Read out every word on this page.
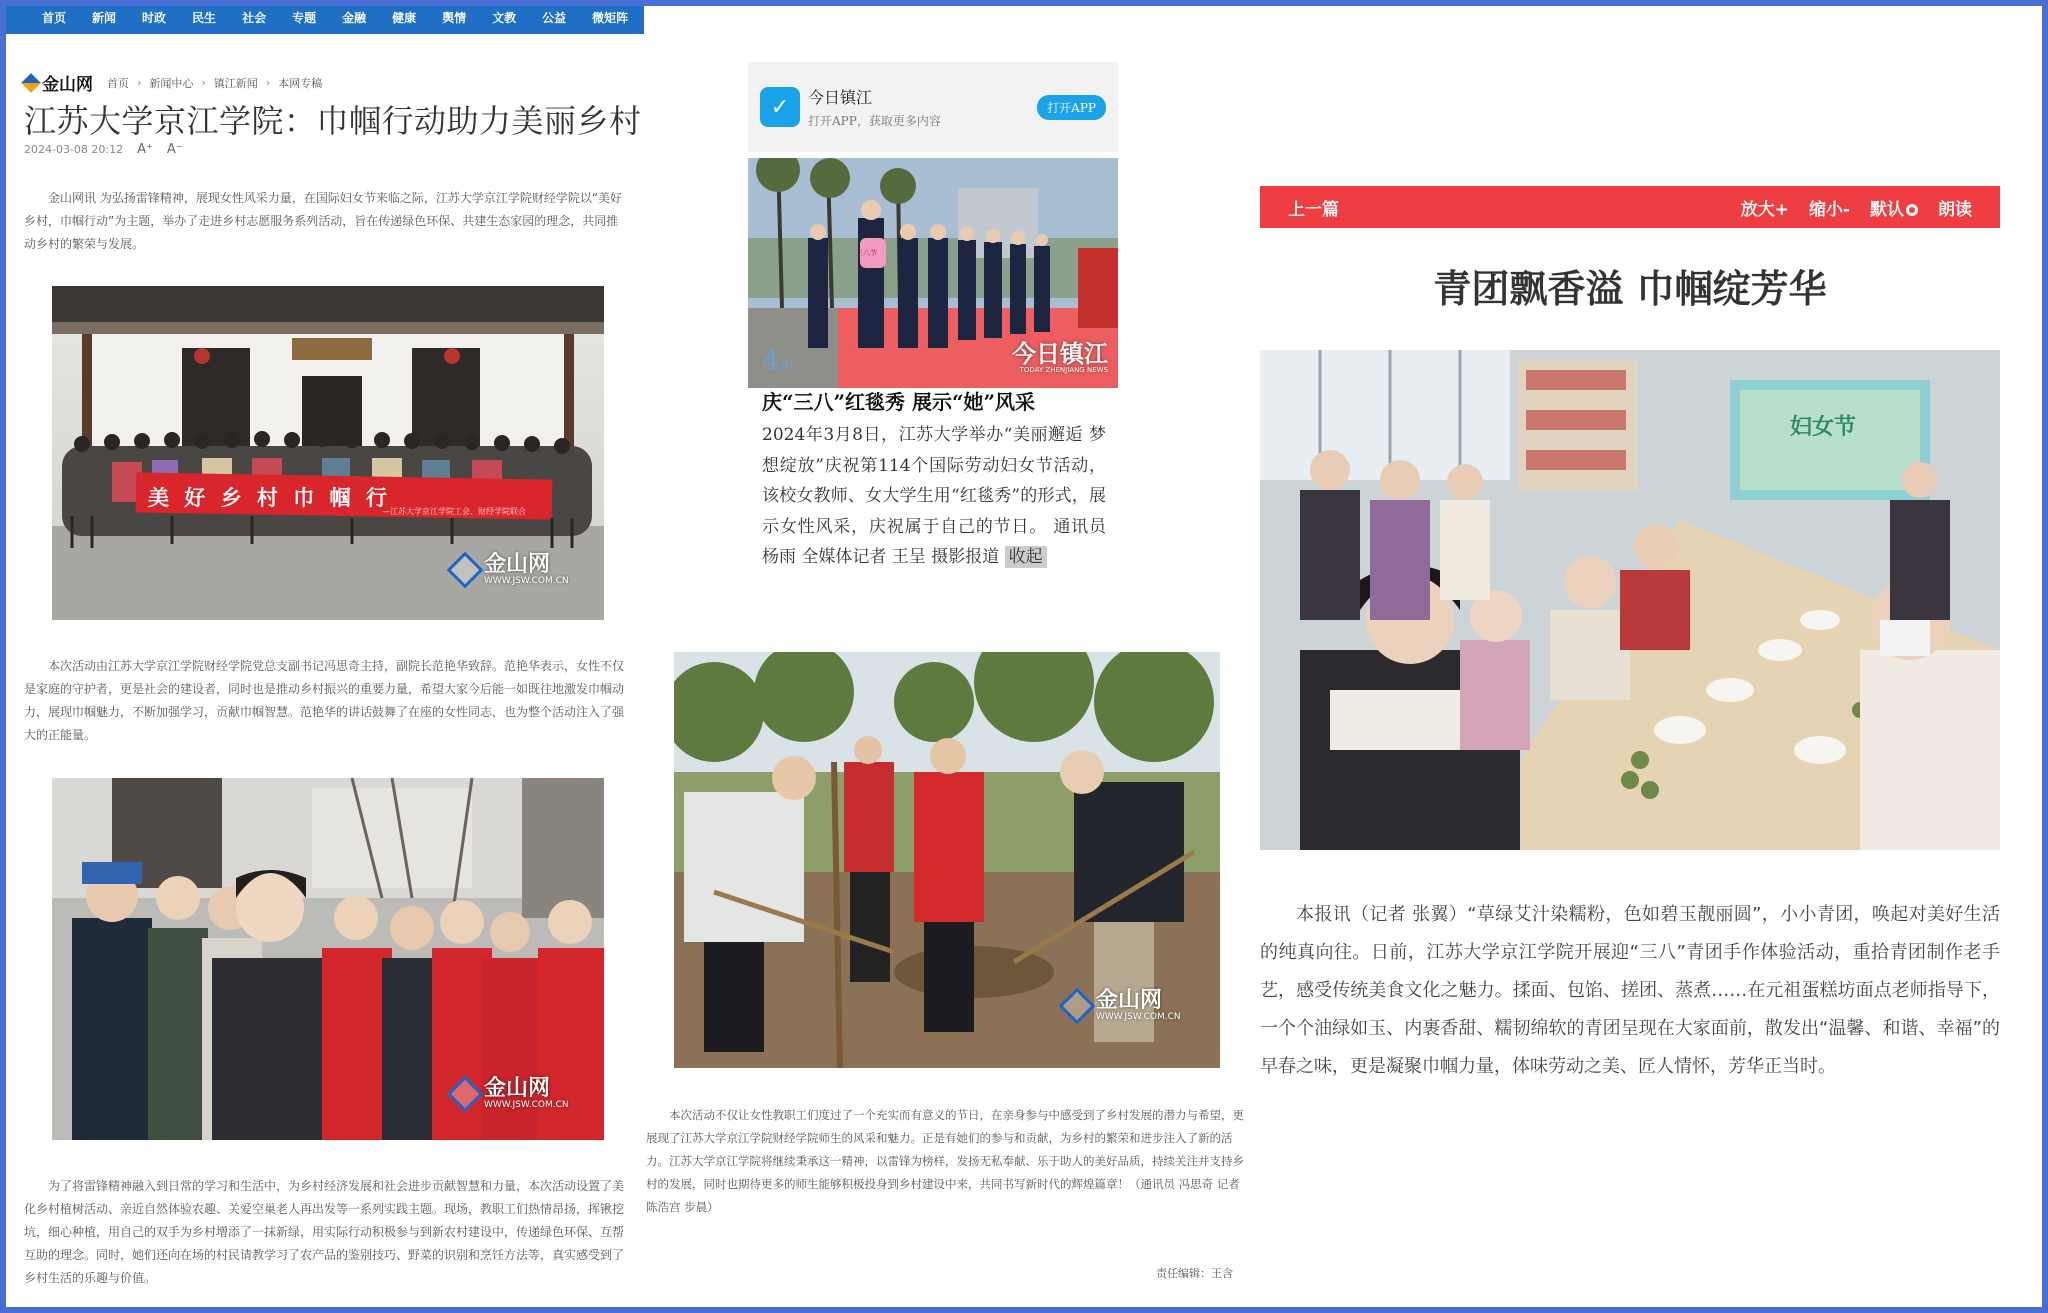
首页 新闻 时政 民生 社会 专题 金融 健康 舆情 文教 公益 微矩阵
金山网 首页 › 新闻中心 › 镇江新闻 › 本网专稿
江苏大学京江学院：巾帼行动助力美丽乡村
2024-03-08 20:12 A⁺ A⁻
金山网讯 为弘扬雷锋精神，展现女性风采力量，在国际妇女节来临之际，江苏大学京江学院财经学院以“美好乡村，巾帼行动”为主题，举办了走进乡村志愿服务系列活动，旨在传递绿色环保、共建生态家园的理念，共同推动乡村的繁荣与发展。
美 好 乡 村 巾 帼 行
—江苏大学京江学院工会、财经学院联合
金山网
WWW.JSW.COM.CN
本次活动由江苏大学京江学院财经学院党总支副书记冯思奇主持，副院长范艳华致辞。范艳华表示，女性不仅是家庭的守护者，更是社会的建设者，同时也是推动乡村振兴的重要力量，希望大家今后能一如既往地激发巾帼动力，展现巾帼魅力，不断加强学习，贡献巾帼智慧。范艳华的讲话鼓舞了在座的女性同志，也为整个活动注入了强大的正能量。
金山网
WWW.JSW.COM.CN
为了将雷锋精神融入到日常的学习和生活中，为乡村经济发展和社会进步贡献智慧和力量，本次活动设置了美化乡村植树活动、亲近自然体验农趣、关爱空巢老人再出发等一系列实践主题。现场，教职工们热情昂扬，挥锹挖坑，细心种植，用自己的双手为乡村增添了一抹新绿，用实际行动积极参与到新农村建设中，传递绿色环保、互帮互助的理念。同时，她们还向在场的村民请教学习了农产品的鉴别技巧、野菜的识别和烹饪方法等，真实感受到了乡村生活的乐趣与价值。
✓	今日镇江
打开APP，获取更多内容
打开APP
三八节
4/6	今日镇江
TODAY ZHENJIANG NEWS
庆“三八”红毯秀 展示“她”风采
2024年3月8日，江苏大学举办“美丽邂逅 梦想绽放”庆祝第114个国际劳动妇女节活动，该校女教师、女大学生用“红毯秀”的形式，展示女性风采，庆祝属于自己的节日。 通讯员 杨雨 全媒体记者 王呈 摄影报道 收起
金山网
WWW.JSW.COM.CN
本次活动不仅让女性教职工们度过了一个充实而有意义的节日，在亲身参与中感受到了乡村发展的潜力与希望，更展现了江苏大学京江学院财经学院师生的风采和魅力。正是有她们的参与和贡献，为乡村的繁荣和进步注入了新的活力。江苏大学京江学院将继续秉承这一精神，以雷锋为榜样，发扬无私奉献、乐于助人的美好品质，持续关注并支持乡村的发展，同时也期待更多的师生能够积极投身到乡村建设中来，共同书写新时代的辉煌篇章！（通讯员 冯思奇 记者 陈浩宫 步晨）
责任编辑：王含
上一篇	放大+ 缩小- 默认	朗读
青团飘香溢 巾帼绽芳华
妇女节
本报讯（记者 张翼）“草绿艾汁染糯粉，色如碧玉靓丽圆”，小小青团，唤起对美好生活的纯真向往。日前，江苏大学京江学院开展迎“三八”青团手作体验活动，重拾青团制作老手艺，感受传统美食文化之魅力。揉面、包馅、搓团、蒸煮……在元祖蛋糕坊面点老师指导下，一个个油绿如玉、内裹香甜、糯韧绵软的青团呈现在大家面前，散发出“温馨、和谐、幸福”的早春之味，更是凝聚巾帼力量，体味劳动之美、匠人情怀，芳华正当时。
